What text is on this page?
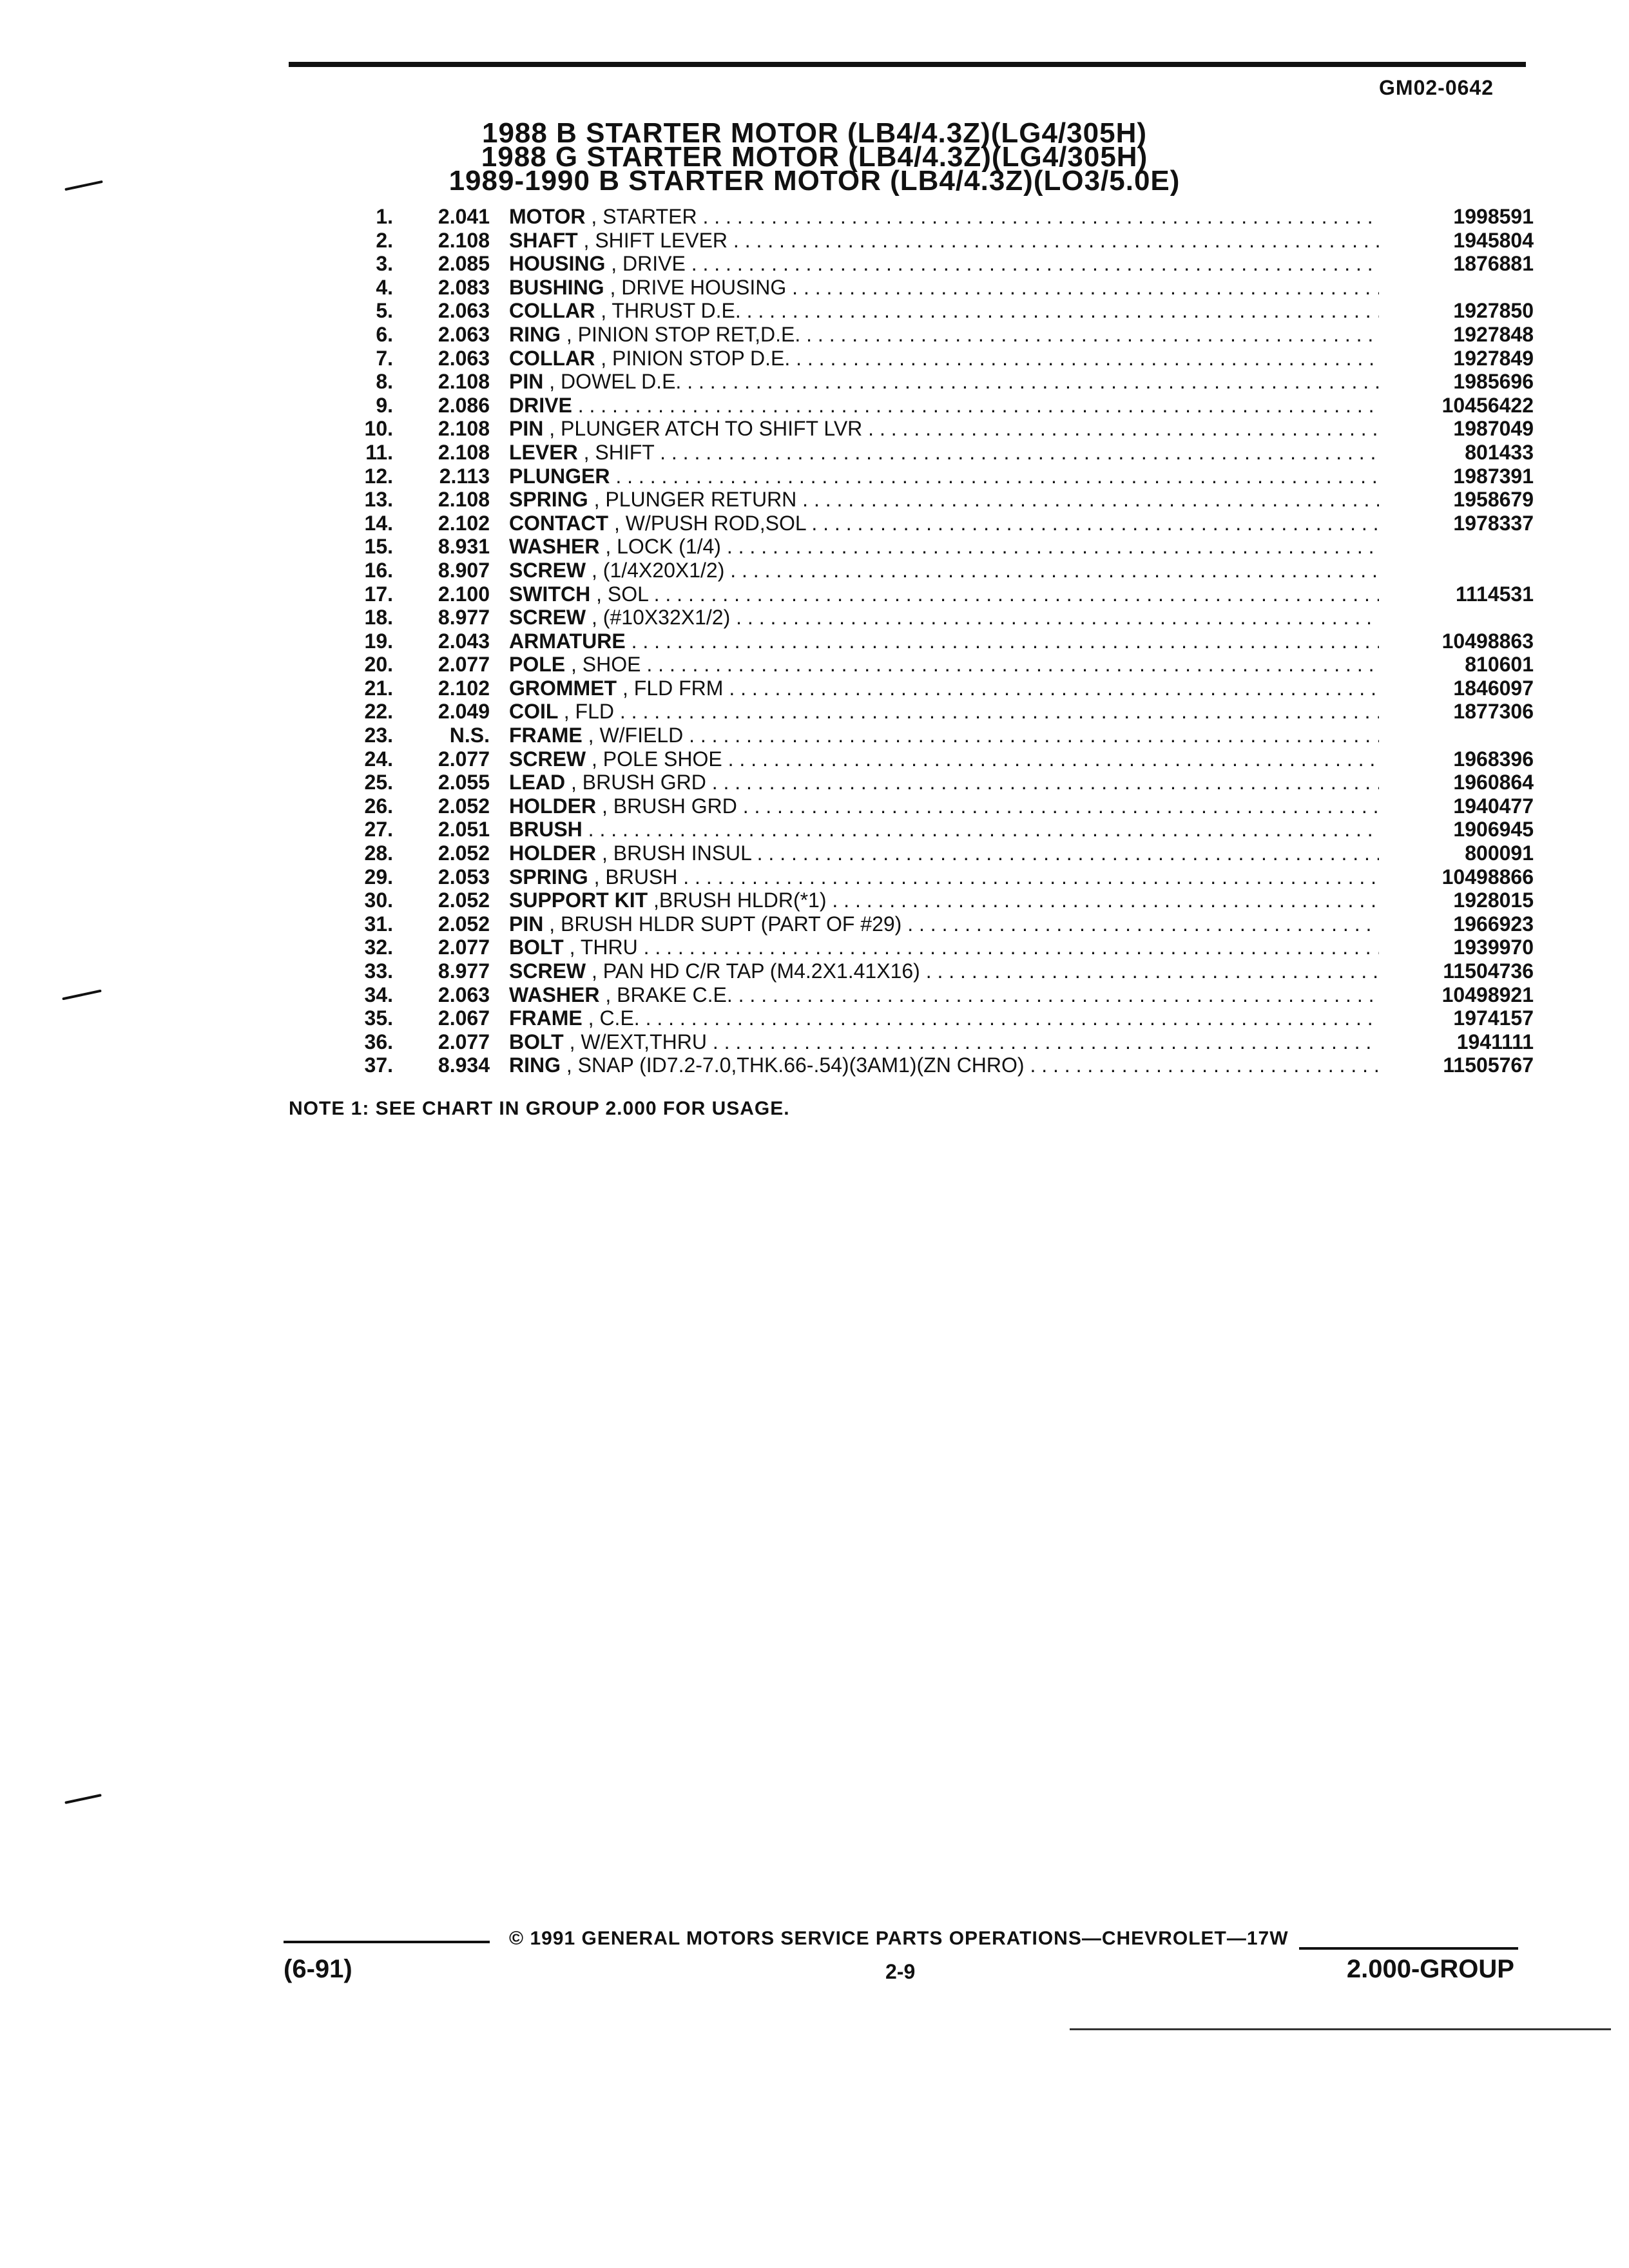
GM02-0642
1988 B STARTER MOTOR (LB4/4.3Z)(LG4/305H)
1988 G STARTER MOTOR (LB4/4.3Z)(LG4/305H)
1989-1990 B STARTER MOTOR (LB4/4.3Z)(LO3/5.0E)
1.	2.041 MOTOR , STARTER . . .	1998591
2.	2.108 SHAFT , SHIFT LEVER . . .	1945804
3.	2.085 HOUSING , DRIVE . . .	1876881
4.	2.083 BUSHING , DRIVE HOUSING . . .
5.	2.063 COLLAR , THRUST D.E. . . .	1927850
6.	2.063 RING , PINION STOP RET,D.E. . . .	1927848
7.	2.063 COLLAR , PINION STOP D.E. . . .	1927849
8.	2.108 PIN , DOWEL D.E. . . .	1985696
9.	2.086 DRIVE . . .	10456422
10.	2.108 PIN , PLUNGER ATCH TO SHIFT LVR . . .	1987049
11.	2.108 LEVER , SHIFT . . .	801433
12.	2.113 PLUNGER . . .	1987391
13.	2.108 SPRING , PLUNGER RETURN . . .	1958679
14.	2.102 CONTACT , W/PUSH ROD,SOL . . .	1978337
15.	8.931 WASHER , LOCK (1/4) . . .
16.	8.907 SCREW , (1/4X20X1/2) . . .
17.	2.100 SWITCH , SOL . . .	1114531
18.	8.977 SCREW , (#10X32X1/2) . . .
19.	2.043 ARMATURE . . .	10498863
20.	2.077 POLE , SHOE . . .	810601
21.	2.102 GROMMET , FLD FRM . . .	1846097
22.	2.049 COIL , FLD . . .	1877306
23.	N.S. FRAME , W/FIELD . . .
24.	2.077 SCREW , POLE SHOE . . .	1968396
25.	2.055 LEAD , BRUSH GRD . . .	1960864
26.	2.052 HOLDER , BRUSH GRD . . .	1940477
27.	2.051 BRUSH . . .	1906945
28.	2.052 HOLDER , BRUSH INSUL . . .	800091
29.	2.053 SPRING , BRUSH . . .	10498866
30.	2.052 SUPPORT KIT ,BRUSH HLDR(*1) . . .	1928015
31.	2.052 PIN , BRUSH HLDR SUPT (PART OF #29) . . .	1966923
32.	2.077 BOLT , THRU . . .	1939970
33.	8.977 SCREW , PAN HD C/R TAP (M4.2X1.41X16) . . .	11504736
34.	2.063 WASHER , BRAKE C.E. . . .	10498921
35.	2.067 FRAME , C.E. . . .	1974157
36.	2.077 BOLT , W/EXT,THRU . . .	1941111
37.	8.934 RING , SNAP (ID7.2-7.0,THK.66-.54)(3AM1)(ZN CHRO) . . .	11505767
NOTE 1: SEE CHART IN GROUP 2.000 FOR USAGE.
© 1991 GENERAL MOTORS SERVICE PARTS OPERATIONS—CHEVROLET—17W
(6-91)	2-9	2.000-GROUP
